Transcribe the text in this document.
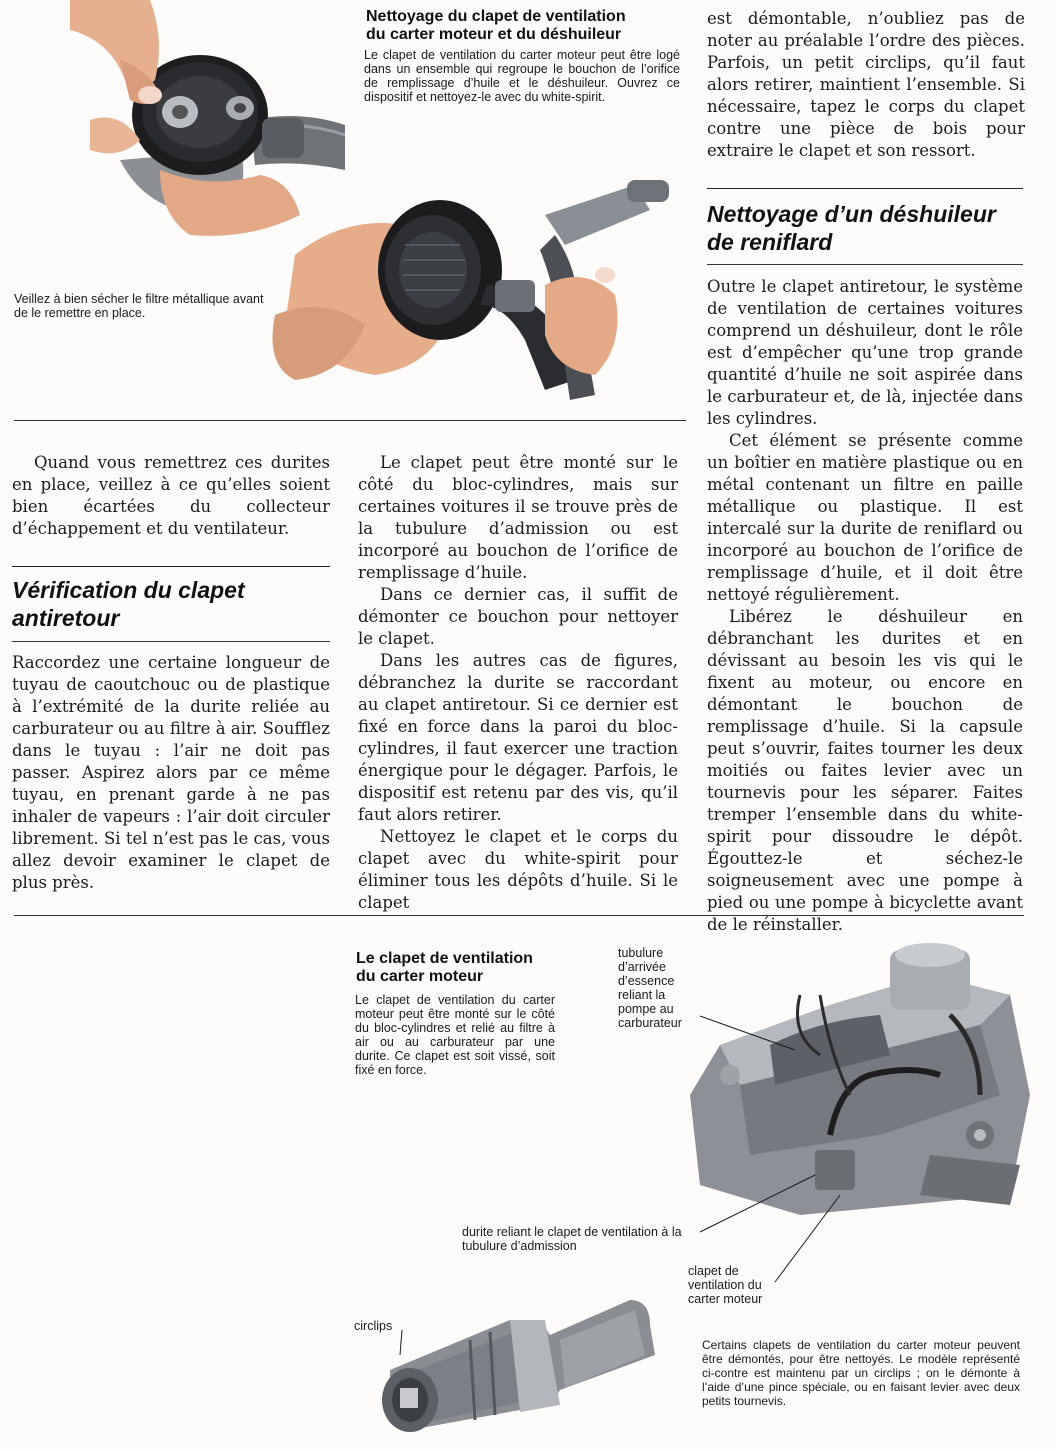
Veillez à bien sécher le filtre métallique avant de le remettre en place.
Nettoyage du clapet de ventilation
du carter moteur et du déshuileur
Le clapet de ventilation du carter moteur peut être logé dans un ensemble qui regroupe le bouchon de l’orifice de remplissage d’huile et le déshuileur. Ouvrez ce dispositif et nettoyez-le avec du white-spirit.

est démontable, n’oubliez pas de noter au préalable l’ordre des pièces. Parfois, un petit circlips, qu’il faut alors retirer, maintient l’ensemble. Si nécessaire, tapez le corps du clapet contre une pièce de bois pour extraire le clapet et son ressort.

Nettoyage d’un déshuileur
de reniflard

Outre le clapet antiretour, le système de ventilation de certaines voitures comprend un déshuileur, dont le rôle est d’empêcher qu’une trop grande quantité d’huile ne soit aspirée dans le carburateur et, de là, injectée dans les cylindres.

Cet élément se présente comme un boîtier en matière plastique ou en métal contenant un filtre en paille métallique ou plastique. Il est intercalé sur la durite de reniflard ou incorporé au bouchon de l’orifice de remplissage d’huile, et il doit être nettoyé régulièrement.

Libérez le déshuileur en débranchant les durites et en dévissant au besoin les vis qui le fixent au moteur, ou encore en démontant le bouchon de remplissage d’huile. Si la capsule peut s’ouvrir, faites tourner les deux moitiés ou faites levier avec un tournevis pour les séparer. Faites tremper l’ensemble dans du white-spirit pour dissoudre le dépôt. Égouttez-le et séchez-le soigneusement avec une pompe à pied ou une pompe à bicyclette avant de le réinstaller.

Quand vous remettrez ces durites en place, veillez à ce qu’elles soient bien écartées du collecteur d’échappement et du ventilateur.

Vérification du clapet
antiretour

Raccordez une certaine longueur de tuyau de caoutchouc ou de plastique à l’extrémité de la durite reliée au carburateur ou au filtre à air. Soufflez dans le tuyau : l’air ne doit pas passer. Aspirez alors par ce même tuyau, en prenant garde à ne pas inhaler de vapeurs : l’air doit circuler librement. Si tel n’est pas le cas, vous allez devoir examiner le clapet de plus près.

Le clapet peut être monté sur le côté du bloc-cylindres, mais sur certaines voitures il se trouve près de la tubulure d’admission ou est incorporé au bouchon de l’orifice de remplissage d’huile.

Dans ce dernier cas, il suffit de démonter ce bouchon pour nettoyer le clapet.

Dans les autres cas de figures, débranchez la durite se raccordant au clapet antiretour. Si ce dernier est fixé en force dans la paroi du bloc-cylindres, il faut exercer une traction énergique pour le dégager. Parfois, le dispositif est retenu par des vis, qu’il faut alors retirer.

Nettoyez le clapet et le corps du clapet avec du white-spirit pour éliminer tous les dépôts d’huile. Si le clapet

Le clapet de ventilation
du carter moteur
Le clapet de ventilation du carter moteur peut être monté sur le côté du bloc-cylindres et relié au filtre à air ou au carburateur par une durite. Ce clapet est soit vissé, soit fixé en force.
tubulure d’arrivée d’essence reliant la pompe au carburateur
durite reliant le clapet de ventilation à la tubulure d’admission
clapet de ventilation du carter moteur
circlips
Certains clapets de ventilation du carter moteur peuvent être démontés, pour être nettoyés. Le modèle représenté ci-contre est maintenu par un circlips ; on le démonte à l’aide d’une pince spéciale, ou en faisant levier avec deux petits tournevis.
